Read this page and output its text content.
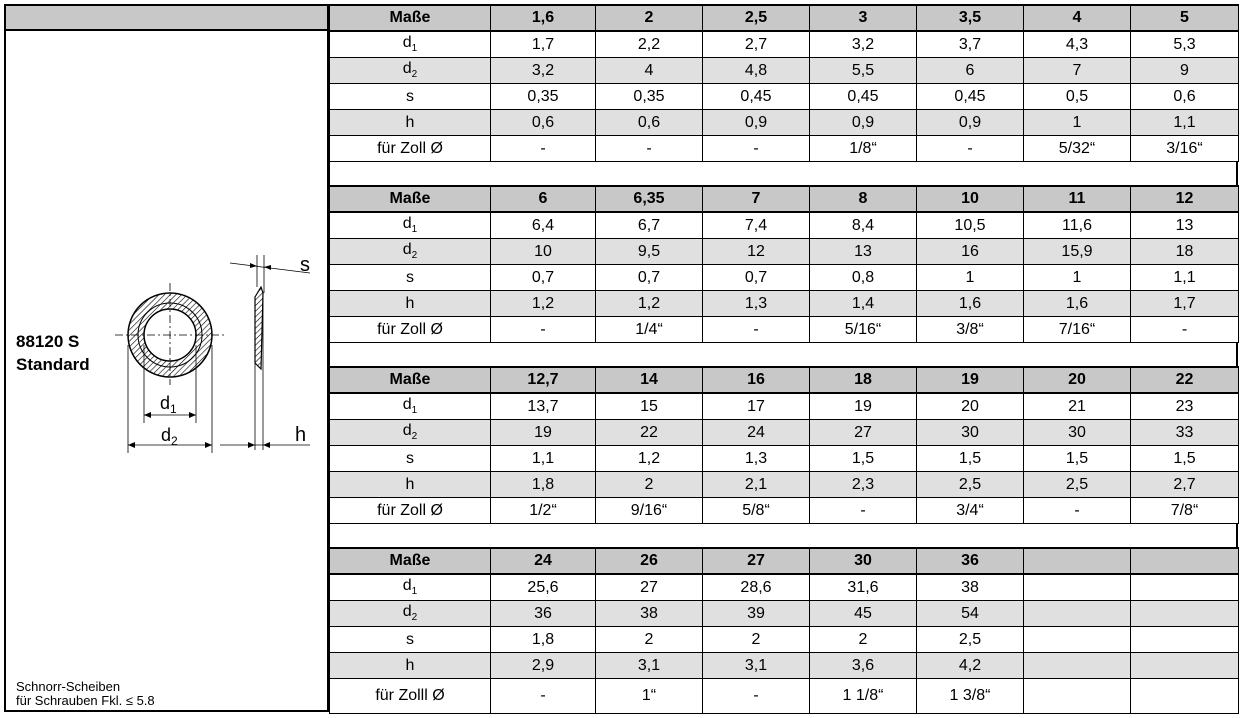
88120 S
Standard
$d_1$
$d_2$
s
h
Schnorr-Scheiben
für Schrauben Fkl. ≤ 5.8
Maße	1,6	2	2,5	3	3,5	4	5
$d_1$	1,7	2,2	2,7	3,2	3,7	4,3	5,3
$d_2$	3,2	4	4,8	5,5	6	7	9
s	0,35	0,35	0,45	0,45	0,45	0,5	0,6
h	0,6	0,6	0,9	0,9	0,9	1	1,1
für Zoll Ø	-	-	-	1/8“	-	5/32“	3/16“
Maße	6	6,35	7	8	10	11	12
$d_1$	6,4	6,7	7,4	8,4	10,5	11,6	13
$d_2$	10	9,5	12	13	16	15,9	18
s	0,7	0,7	0,7	0,8	1	1	1,1
h	1,2	1,2	1,3	1,4	1,6	1,6	1,7
für Zoll Ø	-	1/4“	-	5/16“	3/8“	7/16“	-
Maße	12,7	14	16	18	19	20	22
$d_1$	13,7	15	17	19	20	21	23
$d_2$	19	22	24	27	30	30	33
s	1,1	1,2	1,3	1,5	1,5	1,5	1,5
h	1,8	2	2,1	2,3	2,5	2,5	2,7
für Zoll Ø	1/2“	9/16“	5/8“	-	3/4“	-	7/8“
Maße	24	26	27	30	36		
$d_1$	25,6	27	28,6	31,6	38		
$d_2$	36	38	39	45	54		
s	1,8	2	2	2	2,5		
h	2,9	3,1	3,1	3,6	4,2		
für Zolll Ø	-	1“	-	1 1/8“	1 3/8“		
